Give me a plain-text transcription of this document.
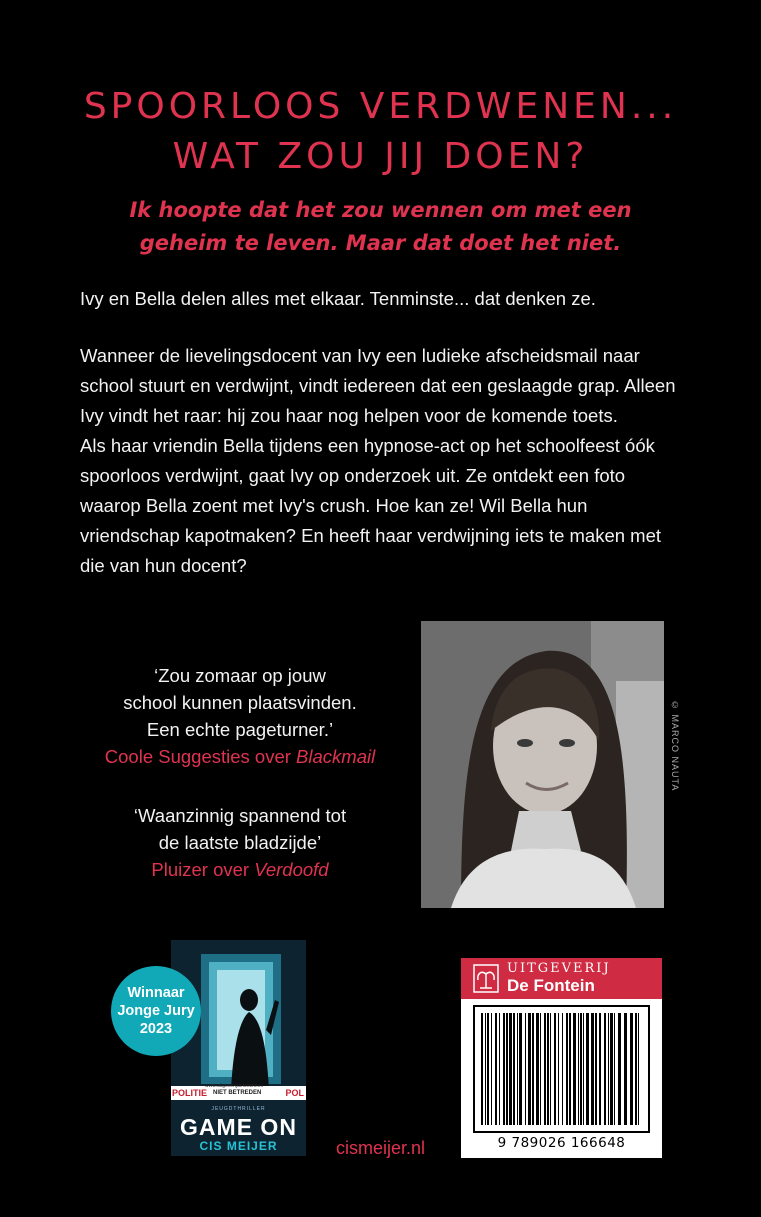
SPOORLOOS VERDWENEN...
WAT ZOU JIJ DOEN?
Ik hoopte dat het zou wennen om met een
geheim te leven. Maar dat doet het niet.

Ivy en Bella delen alles met elkaar. Tenminste... dat denken ze.

Wanneer de lievelingsdocent van Ivy een ludieke afscheidsmail naar school stuurt en verdwijnt, vindt iedereen dat een geslaagde grap. Alleen Ivy vindt het raar: hij zou haar nog helpen voor de komende toets.

Als haar vriendin Bella tijdens een hypnose-act op het schoolfeest óók spoorloos verdwijnt, gaat Ivy op onderzoek uit. Ze ontdekt een foto waarop Bella zoent met Ivy's crush. Hoe kan ze! Wil Bella hun vriendschap kapotmaken? En heeft haar verdwijning iets te maken met die van hun docent?

‘Zou zomaar op jouw
school kunnen plaatsvinden.
Een echte pageturner.’
Coole Suggesties over Blackmail
‘Waanzinnig spannend tot
de laatste bladzijde’
Pluizer over Verdoofd
© MARCO NAUTA
POLITIE
www.uitgeverijdefontein.nl
NIET BETREDEN	POL
JEUGDTHRILLER
GAME ON
CIS MEIJER
Winnaar
Jonge Jury
2023
cismeijer.nl
UITGEVERIJ
De Fontein
9 789026 166648
